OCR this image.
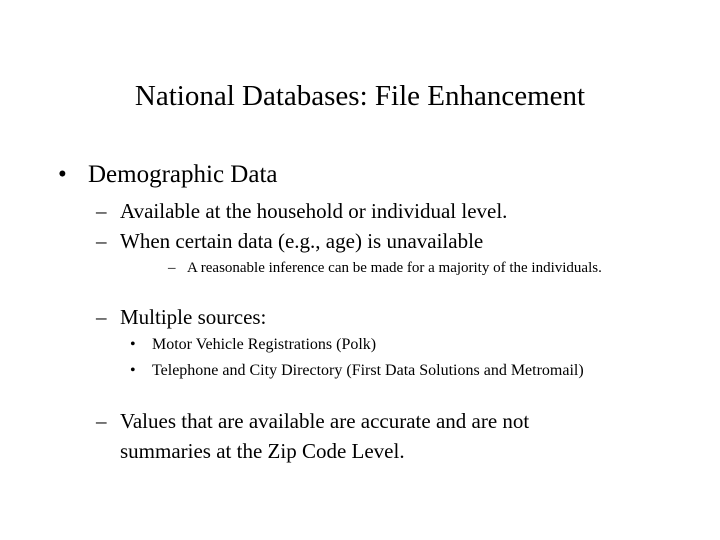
National Databases: File Enhancement
• Demographic Data
– Available at the household or individual level.
– When certain data (e.g., age) is unavailable
– A reasonable inference can be made for a majority of the individuals.
– Multiple sources:
• Motor Vehicle Registrations (Polk)
• Telephone and City Directory (First Data Solutions and Metromail)
– Values that are available are accurate and are not summaries at the Zip Code Level.
